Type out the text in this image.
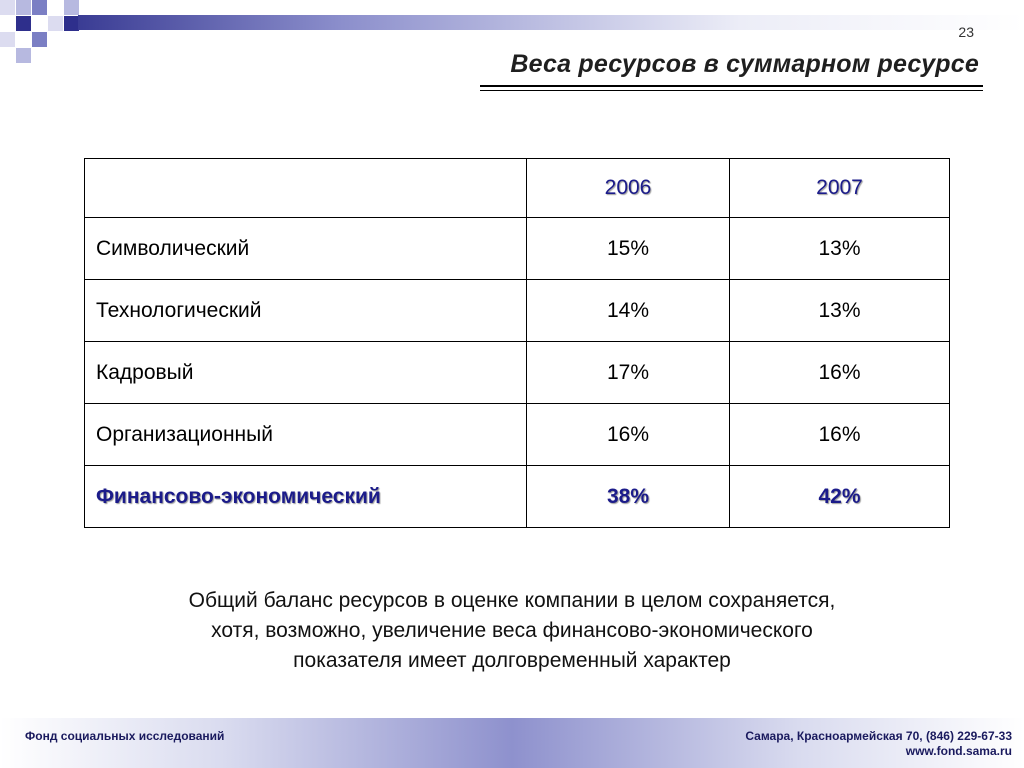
23
Веса ресурсов в суммарном ресурсе
	2006	2007
Символический	15%	13%
Технологический	14%	13%
Кадровый	17%	16%
Организационный	16%	16%
Финансово-экономический	38%	42%
Общий баланс ресурсов в оценке компании в целом сохраняется,
хотя, возможно, увеличение веса финансово-экономического
показателя имеет долговременный характер
Фонд социальных исследований	Самара, Красноармейская 70, (846) 229-67-33
www.fond.sama.ru
